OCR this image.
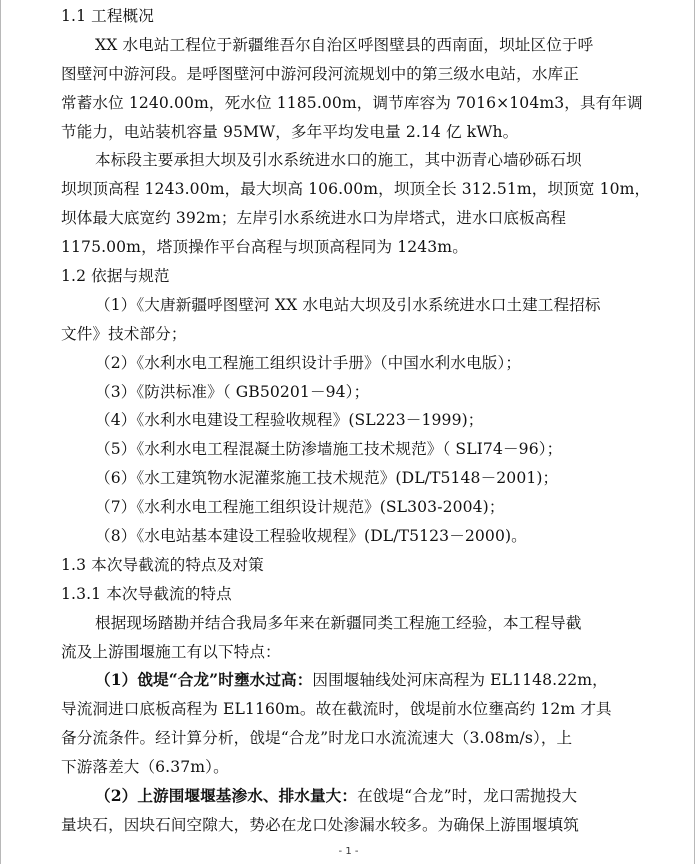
1.1 工程概况
XX 水电站工程位于新疆维吾尔自治区呼图壁县的西南面，坝址区位于呼
图壁河中游河段。是呼图壁河中游河段河流规划中的第三级水电站，水库正
常蓄水位 1240.00m，死水位 1185.00m，调节库容为 7016×104m3，具有年调
节能力，电站装机容量 95MW，多年平均发电量 2.14 亿 kWh。
本标段主要承担大坝及引水系统进水口的施工，其中沥青心墙砂砾石坝
坝坝顶高程 1243.00m，最大坝高 106.00m，坝顶全长 312.51m，坝顶宽 10m，
坝体最大底宽约 392m；左岸引水系统进水口为岸塔式，进水口底板高程
1175.00m，塔顶操作平台高程与坝顶高程同为 1243m。
1.2 依据与规范
（1）《大唐新疆呼图壁河 XX 水电站大坝及引水系统进水口土建工程招标
文件》技术部分；
（2）《水利水电工程施工组织设计手册》（中国水利水电版）；
（3）《防洪标准》（ GB50201－94）；
（4）《水利水电建设工程验收规程》(SL223－1999)；
（5）《水利水电工程混凝土防渗墙施工技术规范》（ SLI74－96）；
（6）《水工建筑物水泥灌浆施工技术规范》(DL/T5148－2001)；
（7）《水利水电工程施工组织设计规范》(SL303-2004)；
（8）《水电站基本建设工程验收规程》(DL/T5123－2000)。
1.3 本次导截流的特点及对策
1.3.1 本次导截流的特点
根据现场踏勘并结合我局多年来在新疆同类工程施工经验，本工程导截
流及上游围堰施工有以下特点：
（1）戗堤“合龙”时壅水过高：因围堰轴线处河床高程为 EL1148.22m，
导流洞进口底板高程为 EL1160m。故在截流时，戗堤前水位壅高约 12m 才具
备分流条件。经计算分析，戗堤“合龙”时龙口水流流速大（3.08m/s），上
下游落差大（6.37m）。
（2）上游围堰堰基渗水、排水量大：在戗堤“合龙”时，龙口需抛投大
量块石，因块石间空隙大，势必在龙口处渗漏水较多。为确保上游围堰填筑
- 1 -
